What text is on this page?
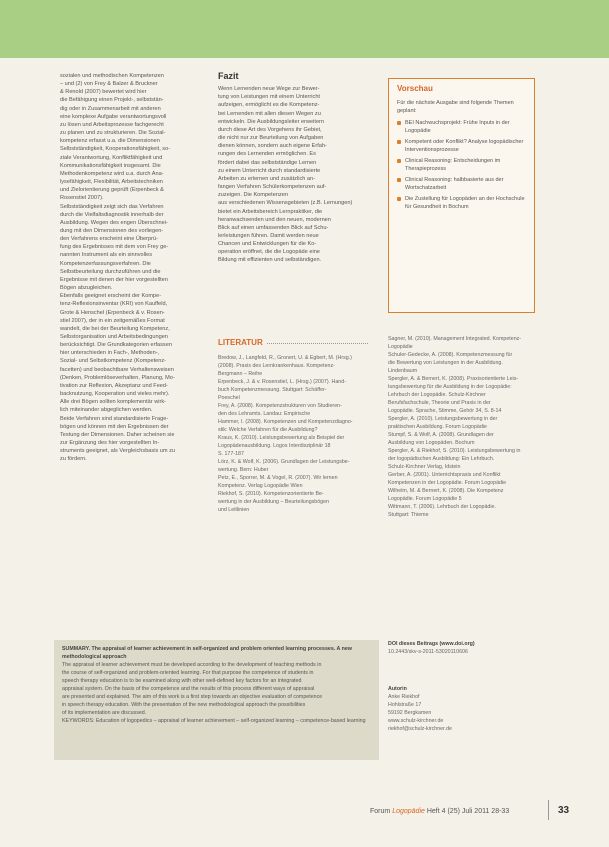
sozialen und methodischen Kompetenzen

– und (2) von Frey & Balzer & Bruckner

& Renold (2007) bewertet wird hier

die Befähigung einen Projekt-, selbststän-

dig oder in Zusammenarbeit mit anderen

eine komplexe Aufgabe verantwortungsvoll

zu lösen und Arbeitsprozesse fachgerecht

zu planen und zu strukturieren. Die Sozial-

kompetenz erfasst u.a. die Dimensionen

Selbstständigkeit, Kooperationsfähigkeit, so-

ziale Verantwortung, Konfliktfähigkeit und

Kommunikationsfähigkeit insgesamt. Die

Methodenkompetenz wird u.a. durch Ana-

lysefähigkeit, Flexibilität, Arbeitstechniken

und Zielorientierung geprüft (Erpenbeck &

Rosenstiel 2007).

Selbstständigkeit zeigt sich das Verfahren

durch die Vielfaltsdiagnostik innerhalb der

Ausbildung. Wegen des engen Überschnei-

dung mit den Dimensionen des vorliegen-

den Verfahrens erscheint eine Überprü-

fung des Ergebnisses mit dem von Frey ge-

nannten Instrument als ein sinnvolles

Kompetenzerfassungsverfahren. Die

Selbstbeurteilung durchzuführen und die

Ergebnisse mit denen der hier vorgestellten

Bögen abzugleichen.

Ebenfalls geeignet erscheint der Kompe-

tenz-Reflexionsinventar (KRI) von Kauffeld,

Grote & Henschel (Erpenbeck & v. Rosen-

stiel 2007), der in ein zeitgemäßes Format

wandelt, die bei der Beurteilung Kompetenz,

Selbstorganisation und Arbeitsbedingungen

berücksichtigt. Die Grundkategorien erfassen

hier unterschieden in Fach-, Methoden-,

Sozial- und Selbstkompetenz (Kompetenz-

facetten) und beobachtbare Verhaltensweisen

(Denken, Problemlöseverhalten, Planung, Mo-

tivation zur Reflexion, Akzeptanz und Feed-

backnutzung, Kooperation und vieles mehr).

Alle drei Bögen sollten komplementär wirk-

lich miteinander abgeglichen werden.

Beide Verfahren sind standardisierte Frage-

bögen und können mit den Ergebnissen der

Testung der Dimensionen. Daher scheinen sie

zur Ergänzung des hier vorgestellten In-

struments geeignet, als Vergleichsbasis um zu

zu fördern.

Fazit

Wenn Lernenden neue Wege zur Bewer-

tung von Leistungen mit einem Unterricht

aufzeigen, ermöglicht es die Kompetenz-

bei Lernenden mit allen diesen Wegen zu

entwickeln. Die Ausbildungsleiter erweitern

durch diese Art des Vorgehens ihr Gebiet,

die nicht nur zur Beurteilung von Aufgaben

dienen können, sondern auch eigene Erfah-

rungen des Lernenden ermöglichen. Es

fördert dabei das selbstständige Lernen

zu einem Unterricht durch standardisierte

Arbeiten zu erlernen und zusätzlich an-

fangen Verfahren Schülerkompetenzen auf-

zuzeigen. Die Kompetenzen

aus verschiedenen Wissensgebieten (z.B. Lernungen)

bietet ein Arbeitsbereich Lernpraktiker, die

heranwachsenden und den neuen, modernen

Blick auf einen umfassenden Blick auf Schu-

lerleistungen führen. Damit werden neue

Chancen und Entwicklungen für die Ko-

operation eröffnet, die die Logopäde eine

Bildung mit effizienten und selbständigen.

Vorschau
Für die nächste Ausgabe sind folgende Themen geplant:
BEI Nachwuchsprojekt: Frühe Inputs in der Logopädie
Kompetent oder Konflikt? Analyse logopädischer Interventionsprozesse
Clinical Reasoning: Entscheidungen im Therapieprozess
Clinical Reasoning: halbbasierte aus der Wortschatzarbeit
Die Zustellung für Logopäden an der Hochschule für Gesundheit in Bochum
LITERATUR

Bredow, J., Langfeld, R., Gronert, U. & Egbert, M. (Hrsg.)

(2008). Praxis des Lernkrankenhaus. Kompetenz-

Bergmann – Reihe

Erpenbeck, J. & v. Rosenstiel, L. (Hrsg.) (2007). Hand-

buch Kompetenzmessung. Stuttgart: Schäffer-

Poeschel

Frey, A. (2008). Kompetenzstrukturen von Studieren-

den des Lehramts. Landau: Empirische

Hammer, I. (2008). Kompetenzen und Kompetenzdiagno-

stik: Welche Verfahren für die Ausbildung?

Kraus, K. (2010). Leistungsbewertung als Beispiel der

Logopädenausbildung. Logos Interdisziplinär 18

S. 177-187

Lörz, K. & Wolf, K. (2006). Grundlagen der Leistungsbe-

wertung. Bern: Huber

Petz, E., Sporrer, M. & Vogel, R. (2007). Wir lernen

Kompetenz. Verlag Logopädie Wien

Riekhof, S. (2010). Kompetenzorientierte Be-

wertung in der Ausbildung – Beurteilungsbögen

und Leitlinien

Sagner, M. (2010). Management Integrated. Kompetenz-

Logopädie

Schuler-Gedecke, A. (2008). Kompetenzmessung für

die Bewertung von Leistungen in der Ausbildung.

Lindenbaum

Spergler, A. & Bernert, K. (2008). Praxisorientierte Leis-

tungsbewertung für die Ausbildung in der Logopädie:

Lehrbuch der Logopädie. Schulz-Kirchner

Berufsfachschule, Theorie und Praxis in der

Logopädie. Sprache, Stimme, Gehör 34, S. 8-14

Spergler, A. (2010). Leistungsbewertung in der

praktischen Ausbildung. Forum Logopädie

Stumpf, S. & Wolf, A. (2008). Grundlagen der

Ausbildung von Logopäden. Bochum

Spergler, A. & Riekhof, S. (2010). Leistungsbewertung in

der logopädischen Ausbildung: Ein Lehrbuch.

Schulz-Kirchner Verlag, Idstein

Gerber, A. (2001). Unterrichtspraxis und Konflikt

Kompetenzen in der Logopädie. Forum Logopädie

Wilhelm, M. & Bernert, K. (2008). Die Kompetenz

Logopädie. Forum Logopädie 5

Wittmann, T. (2006). Lehrbuch der Logopädie.

Stuttgart: Thieme

SUMMARY. The appraisal of learner achievement in self-organized and problem oriented learning processes. A new methodological approach

The appraisal of learner achievement must be developed according to the development of teaching methods in

the course of self-organized and problem-oriented learning. For that purpose the competence of students in

speech therapy education is to be examined along with other well-defined key factors for an integrated

appraisal system. On the basis of the competence and the results of this process different ways of appraisal

are presented and explained. The aim of this work is a first step towards an objective evaluation of competence

in speech therapy education. With the presentation of the new methodological approach the possibilities

of its implementation are discussed.

KEYWORDS: Education of logopedics – appraisal of learner achievement – self-organized learning – competence-based learning

DOI dieses Beitrags (www.doi.org)
10.2443/skv-s-2011-53020110606
Autorin
Anke Riekhof
Hohlstraße 17
59192 Bergkamen
www.schulz-kirchner.de
riekhof@schulz-kirchner.de
Forum Logopädie Heft 4 (25) Juli 2011 28-33	33
